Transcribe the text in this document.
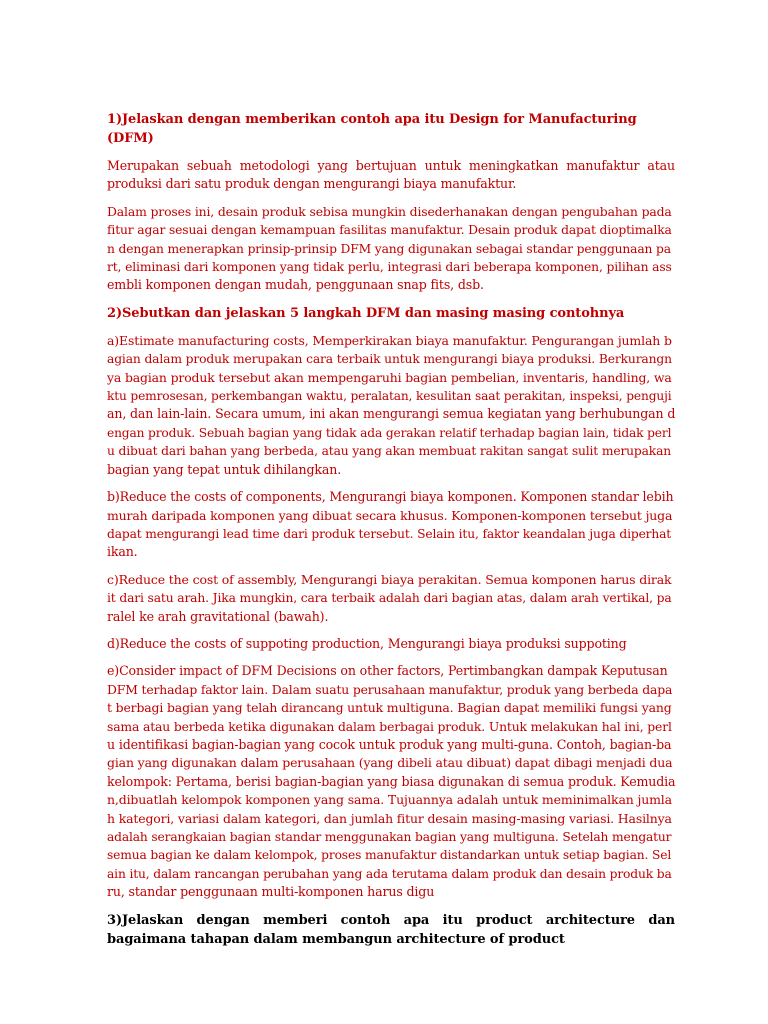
1)Jelaskan dengan memberikan contoh apa itu Design for Manufacturing (DFM)

Merupakan sebuah metodologi yang bertujuan untuk meningkatkan manufaktur atau
produksi dari satu produk dengan mengurangi biaya manufaktur.

Dalam proses ini, desain produk sebisa mungkin disederhanakan dengan pengubahan pada
fitur agar sesuai dengan kemampuan fasilitas manufaktur. Desain produk dapat dioptimalka
n dengan menerapkan prinsip-prinsip DFM yang digunakan sebagai standar penggunaan pa
rt, eliminasi dari komponen yang tidak perlu, integrasi dari beberapa komponen, pilihan ass
embli komponen dengan mudah, penggunaan snap fits, dsb.

2)Sebutkan dan jelaskan 5 langkah DFM dan masing masing contohnya

a)Estimate manufacturing costs, Memperkirakan biaya manufaktur. Pengurangan jumlah b
agian dalam produk merupakan cara terbaik untuk mengurangi biaya produksi. Berkurangn
ya bagian produk tersebut akan mempengaruhi bagian pembelian, inventaris, handling, wa
ktu pemrosesan, perkembangan waktu, peralatan, kesulitan saat perakitan, inspeksi, penguji
an, dan lain-lain. Secara umum, ini akan mengurangi semua kegiatan yang berhubungan d
engan produk. Sebuah bagian yang tidak ada gerakan relatif terhadap bagian lain, tidak perl
u dibuat dari bahan yang berbeda, atau yang akan membuat rakitan sangat sulit merupakan
bagian yang tepat untuk dihilangkan.

b)Reduce the costs of components, Mengurangi biaya komponen. Komponen standar lebih
murah daripada komponen yang dibuat secara khusus. Komponen-komponen tersebut juga
dapat mengurangi lead time dari produk tersebut. Selain itu, faktor keandalan juga diperhat
ikan.

c)Reduce the cost of assembly, Mengurangi biaya perakitan. Semua komponen harus dirak
it dari satu arah. Jika mungkin, cara terbaik adalah dari bagian atas, dalam arah vertikal, pa
ralel ke arah gravitational (bawah).

d)Reduce the costs of suppoting production, Mengurangi biaya produksi suppoting

e)Consider impact of DFM Decisions on other factors, Pertimbangkan dampak Keputusan
DFM terhadap faktor lain. Dalam suatu perusahaan manufaktur, produk yang berbeda dapa
t berbagi bagian yang telah dirancang untuk multiguna. Bagian dapat memiliki fungsi yang
sama atau berbeda ketika digunakan dalam berbagai produk. Untuk melakukan hal ini, perl
u identifikasi bagian-bagian yang cocok untuk produk yang multi-guna. Contoh, bagian-ba
gian yang digunakan dalam perusahaan (yang dibeli atau dibuat) dapat dibagi menjadi dua
kelompok: Pertama, berisi bagian-bagian yang biasa digunakan di semua produk. Kemudia
n,dibuatlah kelompok komponen yang sama. Tujuannya adalah untuk meminimalkan jumla
h kategori, variasi dalam kategori, dan jumlah fitur desain masing-masing variasi. Hasilnya
adalah serangkaian bagian standar menggunakan bagian yang multiguna. Setelah mengatur
semua bagian ke dalam kelompok, proses manufaktur distandarkan untuk setiap bagian. Sel
ain itu, dalam rancangan perubahan yang ada terutama dalam produk dan desain produk ba
ru, standar penggunaan multi-komponen harus digu

3)Jelaskan dengan memberi contoh apa itu product architecture dan bagaimana tahapan dalam membangun architecture of product
